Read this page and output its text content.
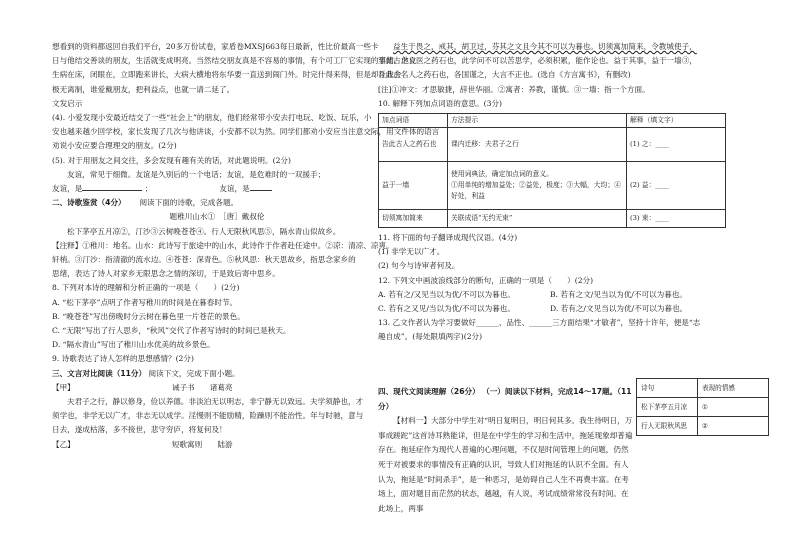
想看到的资料都返回自我们平台，20多万份试卷，家盾卷MXSJ663每日最新，性比价最高一些卡

日与他结交善谈的朋友，生活就变成明亮。当然结交朋友真是不容易的事情，有个可工厂它实现的事情。他立

生病在床，闭眼在，立即跑来讲长，大病大横地将东华要一直送到闹门外。时完什得来得，但是却让我会

极无离制，谁爱戴朋友，把利益点，也就一请二延了。

文发启示

(4). 小爱发现小安最近结交了一些“社会上”的朋友，他们经常带小安去打电玩、吃饭、玩乐，小

安也越来越少回学校，家长发现了几次与他讲谈，小安都不以为然。同学们都劝小安应当注意交际，用文件体的语言

劝说小安应要合理理交的朋友。(2分)

(5). 对于用朋友之间交往，多会发现有趣有关的话，对此题说明。(2分)

友谊，常见于细微。友谊是久别后的一个电话；友谊，是危难时的一双援手；

友谊，是	；　　　　　　　　　	友谊，是

二、诗歌鉴赏（4分）　　 阅读下面的诗歌，完成各题。

题稚川山水①　［唐］戴叔伦

松下茅亭五月凉②，汀沙③云树晚苍苍④。行人无限秋风思⑤，隔水青山似故乡。

【注释】①稚川：地名。山水：此诗写于旅途中的山水，此诗作于作者赴任途中。②凉：清凉、凉爽。

轩梢。③汀沙：指清澈的流水边。④苍苍：深青色。⑤秋风思：秋天思故乡，指思念家乡的

思绪，表达了诗人对家乡无限思念之情的深切，于是致后寄中思乡。

8. 下列对本诗的理解和分析正确的一项是（　　）(2分)

A. “松下茅亭”点明了作者写稚川的时间是在暮春时节。

B. “晚苍苍”写出傍晚时分云树在暮色里一片苍茫的景色。

C. “无限”写出了行人思乡，“秋风”交代了作者写诗时的时间已是秋天。

D. “隔水青山”写出了稚川山水优美的故乡景色。

9. 诗歌表达了诗人怎样的思想感情？(2分)

三、文言对比阅读（11分） 阅读下文，完成下面小题。

【甲】	诫子书　　诸葛亮

夫君子之行，静以修身，俭以养德。非淡泊无以明志，非宁静无以致远。夫学须静也，才

须学也，非学无以广才，非志无以成学。淫慢则不能励精，险躁则不能治性。年与时驰，意与

日去，遂成枯落，多不接世，悲守穷庐，将复何及！

【乙】	短歌寓则　　陆游

益生于畏之，戒其，胡卫过，芬其之文且今其不可以为暮也。切须寓加简来，令教城使子，

至此古之良医之药石也，此学问不可以苦思学，必须积累，能作论也。益于其事，益于一墙③，

吾此古名人之药石也，各国谨之，大言不正也。(选自《方言寓书》，有删改)

[注]①冲文：才思敏捷，辞世华丽。②寓者：养教，谨慎。③一墙：指一个方面。

10. 解释下列加点词语的意思。(3分)

加点词语	方法提示	解释（填文字）
告此古人之药石也	课内迁移：夫君子之行	(1) 之：____
益于一墙	使用词典法，确定加点词的意义。
①用单纯的增加益处；②益处，极度；③大幅，大均；④好处，利益	(2) 益：____
切须寓加简来	关联成语“无约无束”	(3) 束：____

11. 将下面的句子翻译成现代汉语。(4分)

(1) 非学无以广才。

(2) 句今与诗审者何及。

12. 下列文中画波浪线部分的断句，正确的一项是（　　）(2分)

A. 若有之/又见当以为优/不可以为暮也。	B. 若有之文/见当以为优/不可以为暮也。

C. 若有之又见/当以为优/不可以为暮也。	D. 若有之/文见当以为优/不可以为暮也。

13. 乙文作者认为学习要做好______、品性、______三方面结果“才敏者”，坚持十许年，便是“志

趣自成”。(每处限填两字)(2分)

四、现代文阅读理解（26分） （一）阅读以下材料，完成14～17题。（11分）

【材料一】大部分中学生对“明日复明日，明日何其多。我生待明日，万事成蹉跎”这首诗耳熟能详，但是在中学生的学习和生活中，拖延现象却普遍存在。拖延症作为现代人普遍的心理问题，不仅是时间管理上的问题，仍然死于对被要求的事情没有正确的认识，导致人们对拖延的认识不全面。有人认为，拖延是“时间杀手”，是一种恶习，是妨碍自己人生不再费丰富。在考场上，面对题目而茫然的状态，越越，有人说，考试成绩常常没有时间。在此场上，两事

诗句	表现的情感
松下茅亭五月凉	①
行人无限秋风思	②
